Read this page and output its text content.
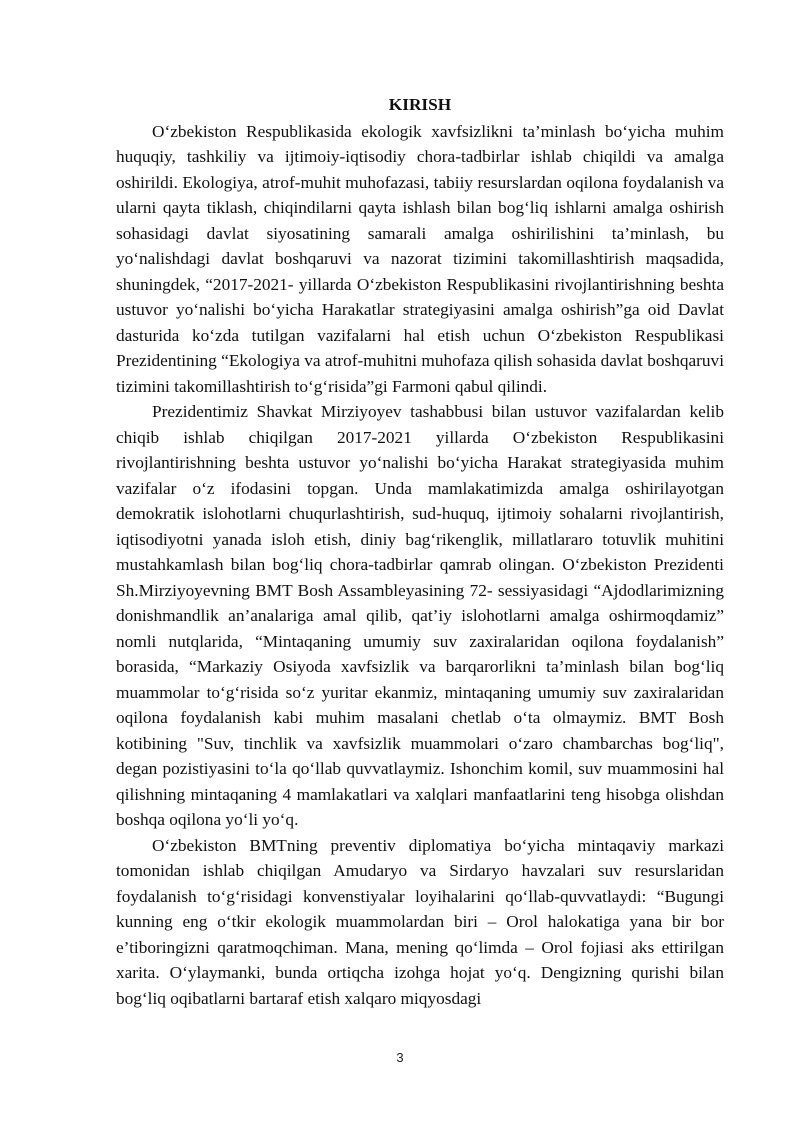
KIRISH

O‘zbekiston Respublikasida ekologik xavfsizlikni ta’minlash bo‘yicha muhim huquqiy, tashkiliy va ijtimoiy-iqtisodiy chora-tadbirlar ishlab chiqildi va amalga oshirildi. Ekologiya, atrof-muhit muhofazasi, tabiiy resurslardan oqilona foydalanish va ularni qayta tiklash, chiqindilarni qayta ishlash bilan bog‘liq ishlarni amalga oshirish sohasidagi davlat siyosatining samarali amalga oshirilishini ta’minlash, bu yo‘nalishdagi davlat boshqaruvi va nazorat tizimini takomillashtirish maqsadida, shuningdek, “2017-2021- yillarda O‘zbekiston Respublikasini rivojlantirishning beshta ustuvor yo‘nalishi bo‘yicha Harakatlar strategiyasini amalga oshirish”ga oid Davlat dasturida ko‘zda tutilgan vazifalarni hal etish uchun O‘zbekiston Respublikasi Prezidentining “Ekologiya va atrof-muhitni muhofaza qilish sohasida davlat boshqaruvi tizimini takomillashtirish to‘g‘risida”gi Farmoni qabul qilindi.

Prezidentimiz Shavkat Mirziyoyev tashabbusi bilan ustuvor vazifalardan kelib chiqib ishlab chiqilgan 2017-2021 yillarda O‘zbekiston Respublikasini rivojlantirishning beshta ustuvor yo‘nalishi bo‘yicha Harakat strategiyasida muhim vazifalar o‘z ifodasini topgan. Unda mamlakatimizda amalga oshirilayotgan demokratik islohotlarni chuqurlashtirish, sud-huquq, ijtimoiy sohalarni rivojlantirish, iqtisodiyotni yanada isloh etish, diniy bag‘rikenglik, millatlararo totuvlik muhitini mustahkamlash bilan bog‘liq chora-tadbirlar qamrab olingan. O‘zbekiston Prezidenti Sh.Mirziyoyevning BMT Bosh Assambleyasining 72- sessiyasidagi “Ajdodlarimizning donishmandlik an’analariga amal qilib, qat’iy islohotlarni amalga oshirmoqdamiz” nomli nutqlarida, “Mintaqaning umumiy suv zaxiralaridan oqilona foydalanish” borasida, “Markaziy Osiyoda xavfsizlik va barqarorlikni ta’minlash bilan bog‘liq muammolar to‘g‘risida so‘z yuritar ekanmiz, mintaqaning umumiy suv zaxiralaridan oqilona foydalanish kabi muhim masalani chetlab o‘ta olmaymiz. BMT Bosh kotibining "Suv, tinchlik va xavfsizlik muammolari o‘zaro chambarchas bog‘liq", degan pozistiyasini to‘la qo‘llab quvvatlaymiz. Ishonchim komil, suv muammosini hal qilishning mintaqaning 4 mamlakatlari va xalqlari manfaatlarini teng hisobga olishdan boshqa oqilona yo‘li yo‘q.

O‘zbekiston BMTning preventiv diplomatiya bo‘yicha mintaqaviy markazi tomonidan ishlab chiqilgan Amudaryo va Sirdaryo havzalari suv resurslaridan foydalanish to‘g‘risidagi konvenstiyalar loyihalarini qo‘llab-quvvatlaydi: “Bugungi kunning eng o‘tkir ekologik muammolardan biri – Orol halokatiga yana bir bor e’tiboringizni qaratmoqchiman. Mana, mening qo‘limda – Orol fojiasi aks ettirilgan xarita. O‘ylaymanki, bunda ortiqcha izohga hojat yo‘q. Dengizning qurishi bilan bog‘liq oqibatlarni bartaraf etish xalqaro miqyosdagi

3
